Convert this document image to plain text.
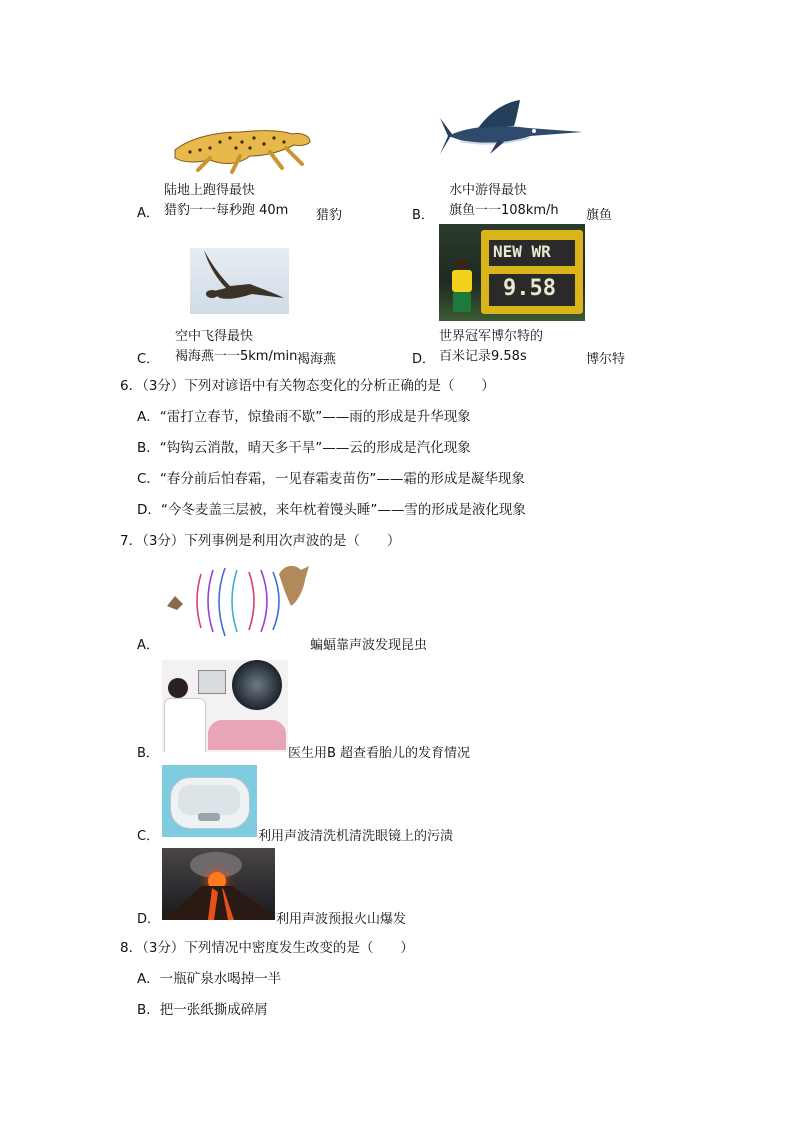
陆地上跑得最快
A． 猎豹一一每秒跑 40m 猎豹
水中游得最快
B． 旗鱼一一108km/h 旗鱼
空中飞得最快
C． 褐海燕一一5km/min 褐海燕
NEW WR
9.58
世界冠军博尔特的
D． 百米记录9.58s	博尔特
6．（3分）下列对谚语中有关物态变化的分析正确的是（　　）
A．“雷打立春节，惊蛰雨不歇”——雨的形成是升华现象
B．“钩钩云消散，晴天多干旱”——云的形成是汽化现象
C．“春分前后怕春霜，一见春霜麦苗伤”——霜的形成是凝华现象
D．“今冬麦盖三层被，来年枕着馒头睡”——雪的形成是液化现象
7．（3分）下列事例是利用次声波的是（　　）
A．	蝙蝠靠声波发现昆虫
B．	医生用B 超查看胎儿的发育情况
C．	利用声波清洗机清洗眼镜上的污渍
D．	利用声波预报火山爆发
8．（3分）下列情况中密度发生改变的是（　　）
A．一瓶矿泉水喝掉一半
B．把一张纸撕成碎屑
